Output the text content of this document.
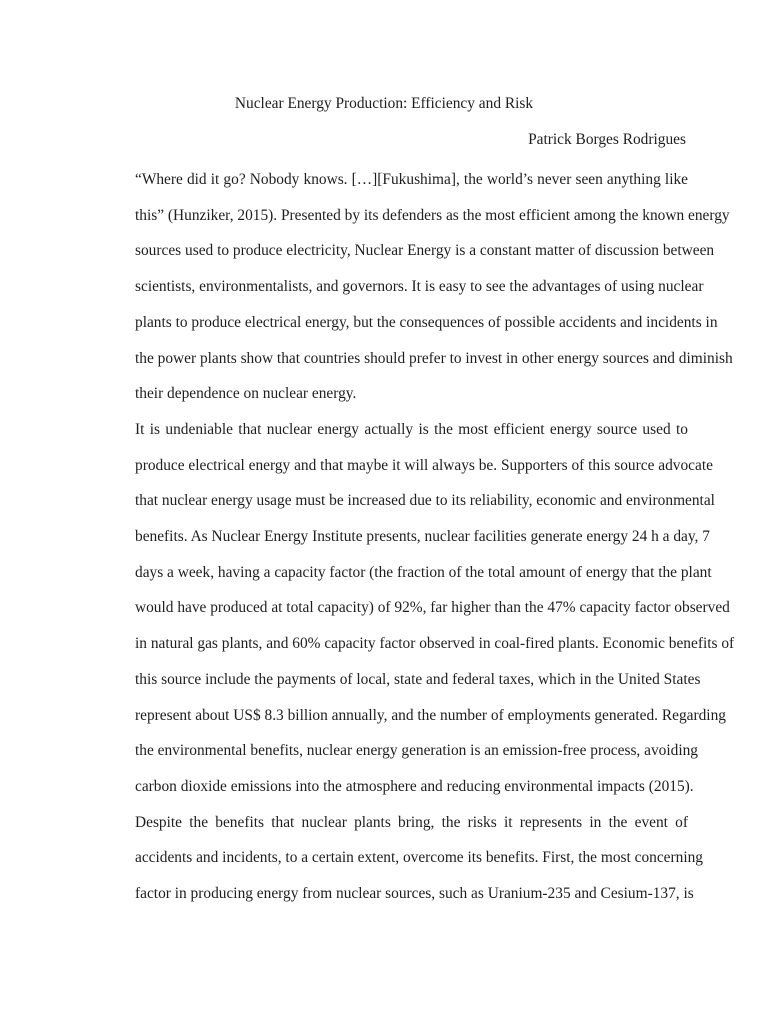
Nuclear Energy Production: Efficiency and Risk

Patrick Borges Rodrigues

“Where did it go? Nobody knows. […][Fukushima], the world’s never seen anything like
this” (Hunziker, 2015). Presented by its defenders as the most efficient among the known energy
sources used to produce electricity, Nuclear Energy is a constant matter of discussion between
scientists, environmentalists, and governors. It is easy to see the advantages of using nuclear
plants to produce electrical energy, but the consequences of possible accidents and incidents in
the power plants show that countries should prefer to invest in other energy sources and diminish
their dependence on nuclear energy.

It is undeniable that nuclear energy actually is the most efficient energy source used to
produce electrical energy and that maybe it will always be. Supporters of this source advocate
that nuclear energy usage must be increased due to its reliability, economic and environmental
benefits. As Nuclear Energy Institute presents, nuclear facilities generate energy 24 h a day, 7
days a week, having a capacity factor (the fraction of the total amount of energy that the plant
would have produced at total capacity) of 92%, far higher than the 47% capacity factor observed
in natural gas plants, and 60% capacity factor observed in coal-fired plants. Economic benefits of
this source include the payments of local, state and federal taxes, which in the United States
represent about US$ 8.3 billion annually, and the number of employments generated. Regarding
the environmental benefits, nuclear energy generation is an emission-free process, avoiding
carbon dioxide emissions into the atmosphere and reducing environmental impacts (2015).

Despite the benefits that nuclear plants bring, the risks it represents in the event of
accidents and incidents, to a certain extent, overcome its benefits. First, the most concerning
factor in producing energy from nuclear sources, such as Uranium-235 and Cesium-137, is
